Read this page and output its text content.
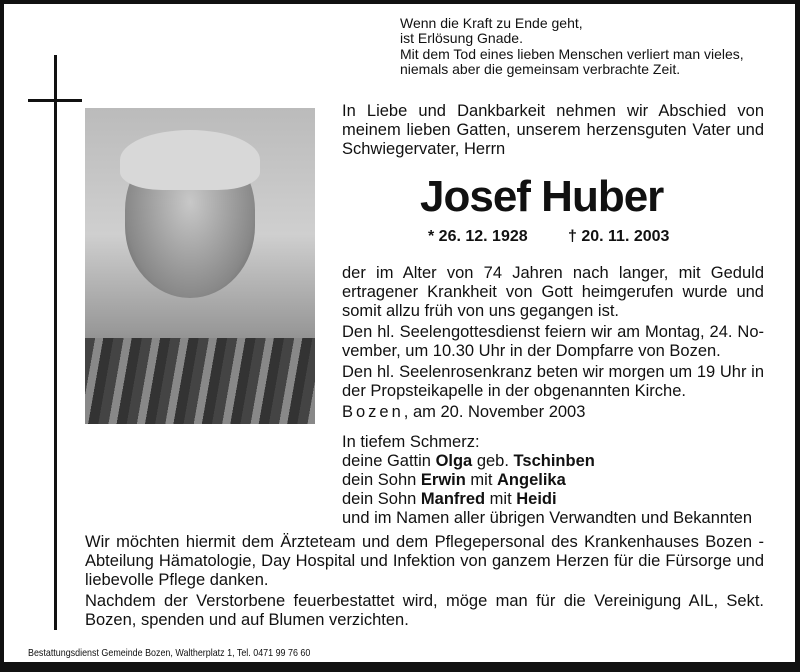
Wenn die Kraft zu Ende geht,
ist Erlösung Gnade.
Mit dem Tod eines lieben Menschen verliert man vieles,
niemals aber die gemeinsam verbrachte Zeit.
In Liebe und Dankbarkeit nehmen wir Abschied von
meinem lieben Gatten, unserem herzensguten Vater und
Schwiegervater, Herrn
Josef Huber
* 26. 12. 1928	† 20. 11. 2003
der im Alter von 74 Jahren nach langer, mit Geduld
ertragener Krankheit von Gott heimgerufen wurde und
somit allzu früh von uns gegangen ist.
Den hl. Seelengottesdienst feiern wir am Montag, 24. No-
vember, um 10.30 Uhr in der Dompfarre von Bozen.
Den hl. Seelenrosenkranz beten wir morgen um 19 Uhr in
der Propsteikapelle in der obgenannten Kirche.
Bozen, am 20. November 2003
In tiefem Schmerz:
deine Gattin Olga geb. Tschinben
dein Sohn Erwin mit Angelika
dein Sohn Manfred mit Heidi
und im Namen aller übrigen Verwandten und Bekannten
Wir möchten hiermit dem Ärzteteam und dem Pflegepersonal des Krankenhauses Bozen -
Abteilung Hämatologie, Day Hospital und Infektion von ganzem Herzen für die Fürsorge und
liebevolle Pflege danken.
Nachdem der Verstorbene feuerbestattet wird, möge man für die Vereinigung AIL, Sekt.
Bozen, spenden und auf Blumen verzichten.
Bestattungsdienst Gemeinde Bozen, Waltherplatz 1, Tel. 0471 99 76 60
